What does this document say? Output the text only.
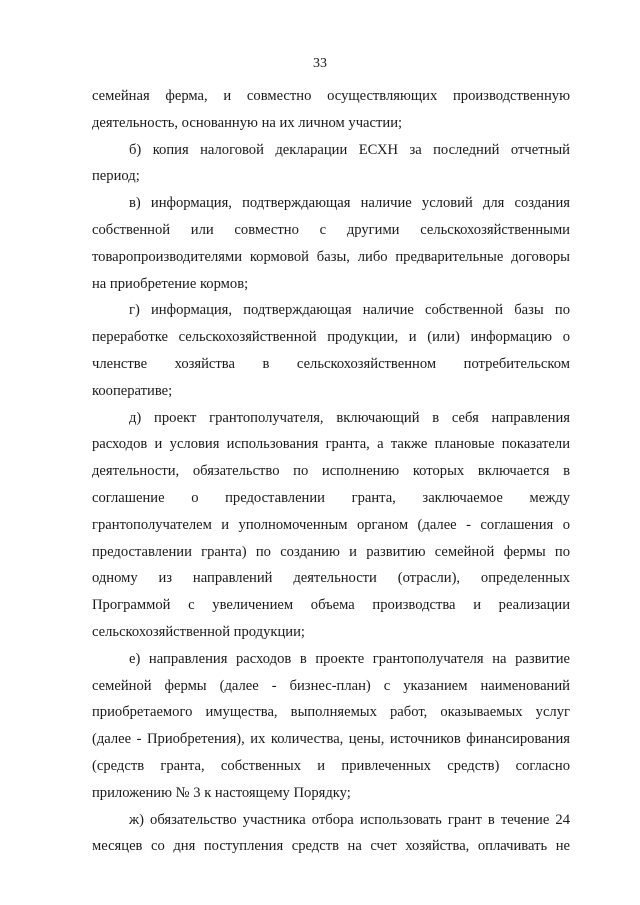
33
семейная ферма, и совместно осуществляющих производственную
деятельность, основанную на их личном участии;
б) копия налоговой декларации ЕСХН за последний отчетный
период;
в) информация, подтверждающая наличие условий для создания
собственной или совместно с другими сельскохозяйственными
товаропроизводителями кормовой базы, либо предварительные договоры
на приобретение кормов;
г) информация, подтверждающая наличие собственной базы по
переработке сельскохозяйственной продукции, и (или) информацию о
членстве хозяйства в сельскохозяйственном потребительском
кооперативе;
д) проект грантополучателя, включающий в себя направления
расходов и условия использования гранта, а также плановые показатели
деятельности, обязательство по исполнению которых включается в
соглашение о предоставлении гранта, заключаемое между
грантополучателем и уполномоченным органом (далее - соглашения о
предоставлении гранта) по созданию и развитию семейной фермы по
одному из направлений деятельности (отрасли), определенных
Программой с увеличением объема производства и реализации
сельскохозяйственной продукции;
е) направления расходов в проекте грантополучателя на развитие
семейной фермы (далее - бизнес-план) с указанием наименований
приобретаемого имущества, выполняемых работ, оказываемых услуг
(далее - Приобретения), их количества, цены, источников финансирования
(средств гранта, собственных и привлеченных средств) согласно
приложению № 3 к настоящему Порядку;
ж) обязательство участника отбора использовать грант в течение 24
месяцев со дня поступления средств на счет хозяйства, оплачивать не
